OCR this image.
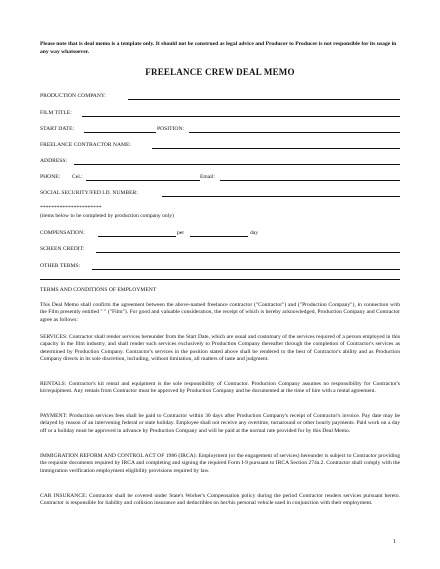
Please note that is deal memo is a template only. It should not be construed as legal advice and Producer to Producer is not responsible for its usage in any way whatsoever.
FREELANCE CREW DEAL MEMO
PRODUCTION COMPANY:
FILM TITLE:
START DATE:	POSITION:
FREELANCE CONTRACTOR NAME:
ADDRESS:
PHONE: Cel.:	Email:
SOCIAL SECURITY/FED I.D. NUMBER:
**********************
(items below to be completed by production company only)
COMPENSATION:	per	day
SCREEN CREDIT:
OTHER TERMS:
TERMS AND CONDITIONS OF EMPLOYMENT
This Deal Memo shall confirm the agreement between the above-named freelance contractor ("Contractor") and ("Production Company"), in connection with the Film presently entitled " " ("Film"). For good and valuable consideration, the receipt of which is hereby acknowledged, Production Company and Contractor agree as follows:
SERVICES: Contractor shall render services hereunder from the Start Date, which are usual and customary of the services required of a person employed in this capacity in the film industry, and shall render such services exclusively to Production Company thereafter through the completion of Contractor's services as determined by Production Company. Contractor's services in the position stated above shall be rendered to the best of Contractor's ability and as Production Company directs in its sole discretion, including, without limitation, all matters of taste and judgment.
RENTALS: Contractor's kit rental and equipment is the sole responsibility of Contractor. Production Company assumes no responsibility for Contractor's kit/equipment. Any rentals from Contractor must be approved by Production Company and be documented at the time of hire with a rental agreement.
PAYMENT: Production services fees shall be paid to Contractor within 30 days after Production Company's receipt of Contractor's invoice. Pay date may be delayed by reason of an intervening federal or state holiday. Employee shall not receive any overtime, turnaround or other hourly payments. Paid work on a day off or a holiday must be approved in advance by Production Company and will be paid at the normal rate provided for by this Deal Memo.
IMMIGRATION REFORM AND CONTROL ACT OF 1986 (IRCA): Employment (or the engagement of services) hereunder is subject to Contractor providing the requisite documents required by IRCA and completing and signing the required Form I-9 pursuant to IRCA Section 274a.2. Contractor shall comply with the immigration verification employment eligibility provisions required by law.
CAR INSURANCE: Contractor shall be covered under State's Worker's Compensation policy during the period Contractor renders services pursuant hereto. Contractor is responsible for liability and collision insurance and deductibles on her/his personal vehicle used in conjunction with their employment.
1
